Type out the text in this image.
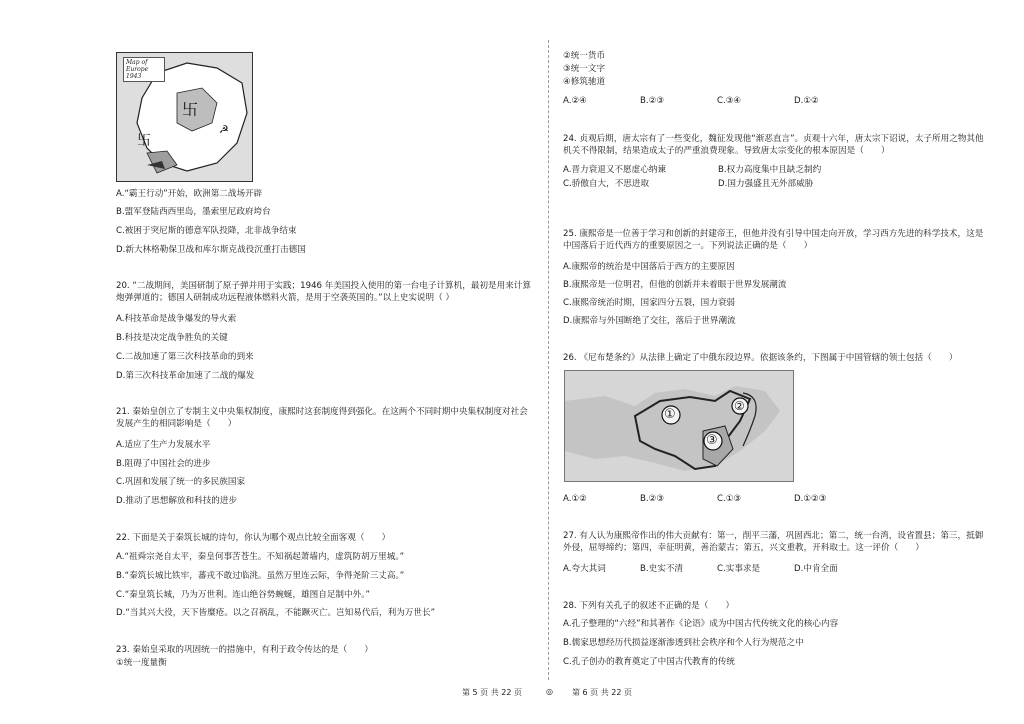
卐
卐
☭
Map of Europe 1943
A.“霸王行动”开始，欧洲第二战场开辟
B.盟军登陆西西里岛，墨索里尼政府垮台
C.被困于突尼斯的德意军队投降，北非战争结束
D.新大林格勒保卫战和库尔斯克战役沉重打击德国
20. “二战期间，美国研制了原子弹并用于实践；1946 年美国投入使用的第一台电子计算机，最初是用来计算炮弹弹道的；德国人研制成功远程液体燃料火箭，是用于空袭英国的。”以上史实说明（ ）
A.科技革命是战争爆发的导火索
B.科技是决定战争胜负的关键
C.二战加速了第三次科技革命的到来
D.第三次科技革命加速了二战的爆发
21. 秦始皇创立了专制主义中央集权制度，康熙时这套制度得到强化。在这两个不同时期中央集权制度对社会发展产生的相同影响是（　　）
A.适应了生产力发展水平
B.阻碍了中国社会的进步
C.巩固和发展了统一的多民族国家
D.推动了思想解放和科技的进步
22. 下面是关于秦筑长城的诗句，你认为哪个观点比较全面客观（　　）
A.“祖舜宗尧自太平，秦皇何事苦苍生。不知祸起萧墙内，虚筑防胡万里城。”
B.“秦筑长城比铁牢，蕃戎不敢过临洮。虽然万里连云际，争得尧阶三丈高。”
C.“秦皇筑长城，乃为万世利。连山绝谷势蜿蜒，雄图自足制中外。”
D.“当其兴大役，天下皆糜疮。以之召祸乱，不能蹶灭亡。岂知易代后，利为万世长”
23. 秦始皇采取的巩固统一的措施中，有利于政令传达的是（　　）
①统一度量衡
②统一货币
③统一文字
④修筑驰道
A.②④	B.②③	C.③④	D.①②
24. 贞观后期，唐太宗有了一些变化，魏征发现他“渐恶直言”。贞观十六年，唐太宗下诏说，太子所用之物其他机关不得限制，结果造成太子的严重浪费现象。导致唐太宗变化的根本原因是（　　）
A.晋力衰退又不愿虚心纳谏	B.权力高度集中且缺乏制约
C.骄傲自大，不思进取	D.国力强盛且无外部威胁
25. 康熙帝是一位善于学习和创新的封建帝王，但他并没有引导中国走向开放，学习西方先进的科学技术，这是中国落后于近代西方的重要原因之一。下列说法正确的是（　　）
A.康熙帝的统治是中国落后于西方的主要原因
B.康熙帝是一位明君，但他的创新并未着眼于世界发展潮流
C.康熙帝统治时期，国家四分五裂，国力衰弱
D.康熙帝与外国断绝了交往，落后于世界潮流
26. 《尼布楚条约》从法律上确定了中俄东段边界。依据该条约，下图属于中国管辖的领土包括（　　）
①
②
③
A.①②	B.②③	C.①③	D.①②③
27. 有人认为康熙帝作出的伟大贡献有：第一，削平三藩，巩固西北；第二，统一台湾，设省置县；第三，抵御外侵，屈辱缔约；第四，幸征明黄，善治蒙古；第五，兴文重教，开科取士。这一评价（　　）
A.夸大其词	B.史实不清	C.实事求是	D.中肯全面
28. 下列有关孔子的叙述不正确的是（　　）
A.孔子整理的“六经”和其著作《论语》成为中国古代传统文化的核心内容
B.儒家思想经历代损益逐渐渗透到社会秩序和个人行为规范之中
C.孔子创办的教育奠定了中国古代教育的传统
第 5 页 共 22 页	◎ 第 6 页 共 22 页
